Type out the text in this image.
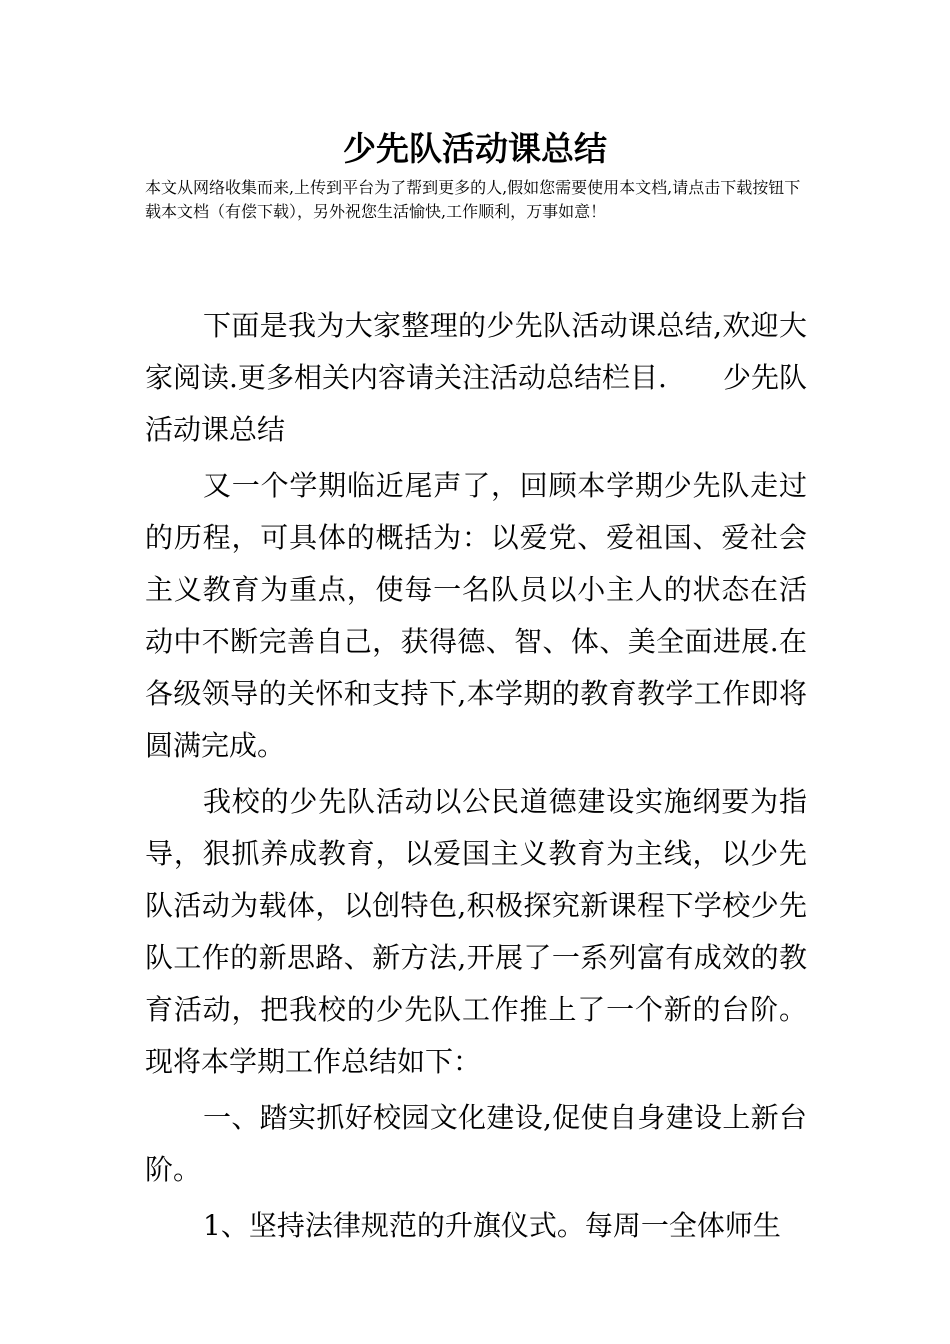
少先队活动课总结

本文从网络收集而来,上传到平台为了帮到更多的人,假如您需要使用本文档,请点击下载按钮下载本文档（有偿下载），另外祝您生活愉快,工作顺利，万事如意！

下面是我为大家整理的少先队活动课总结,欢迎大家阅读.更多相关内容请关注活动总结栏目.　　少先队活动课总结

又一个学期临近尾声了，回顾本学期少先队走过的历程，可具体的概括为：以爱党、爱祖国、爱社会主义教育为重点，使每一名队员以小主人的状态在活动中不断完善自己，获得德、智、体、美全面进展.在各级领导的关怀和支持下,本学期的教育教学工作即将圆满完成。

我校的少先队活动以公民道德建设实施纲要为指导，狠抓养成教育，以爱国主义教育为主线，以少先队活动为载体，以创特色,积极探究新课程下学校少先队工作的新思路、新方法,开展了一系列富有成效的教育活动，把我校的少先队工作推上了一个新的台阶。现将本学期工作总结如下：

一、踏实抓好校园文化建设,促使自身建设上新台阶。

1、坚持法律规范的升旗仪式。每周一全体师生
